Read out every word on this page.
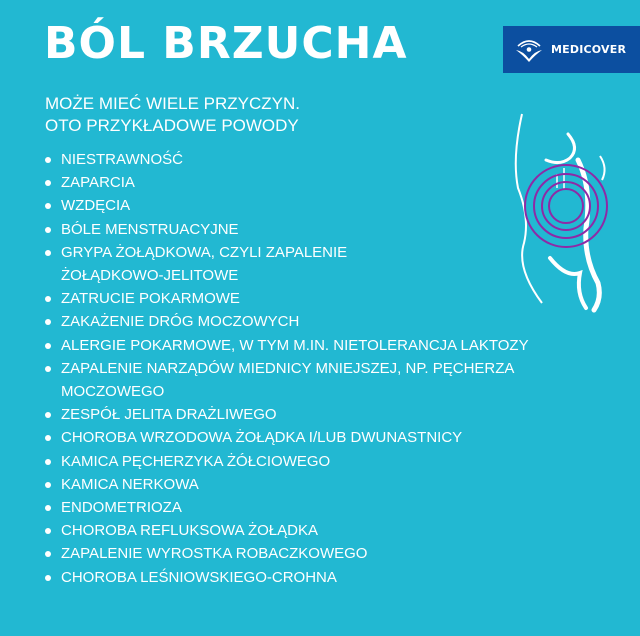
BÓL BRZUCHA	MEDICOVER
MOŻE MIEĆ WIELE PRZYCZYN.
OTO PRZYKŁADOWE POWODY
NIESTRAWNOŚĆ
ZAPARCIA
WZDĘCIA
BÓLE MENSTRUACYJNE
GRYPA ŻOŁĄDKOWA, CZYLI ZAPALENIE ŻOŁĄDKOWO-JELITOWE
ZATRUCIE POKARMOWE
ZAKAŻENIE DRÓG MOCZOWYCH
ALERGIE POKARMOWE, W TYM M.IN. NIETOLERANCJA LAKTOZY
ZAPALENIE NARZĄDÓW MIEDNICY MNIEJSZEJ, NP. PĘCHERZA MOCZOWEGO
ZESPÓŁ JELITA DRAŻLIWEGO
CHOROBA WRZODOWA ŻOŁĄDKA I/LUB DWUNASTNICY
KAMICA PĘCHERZYKA ŻÓŁCIOWEGO
KAMICA NERKOWA
ENDOMETRIOZA
CHOROBA REFLUKSOWA ŻOŁĄDKA
ZAPALENIE WYROSTKA ROBACZKOWEGO
CHOROBA LEŚNIOWSKIEGO-CROHNA
